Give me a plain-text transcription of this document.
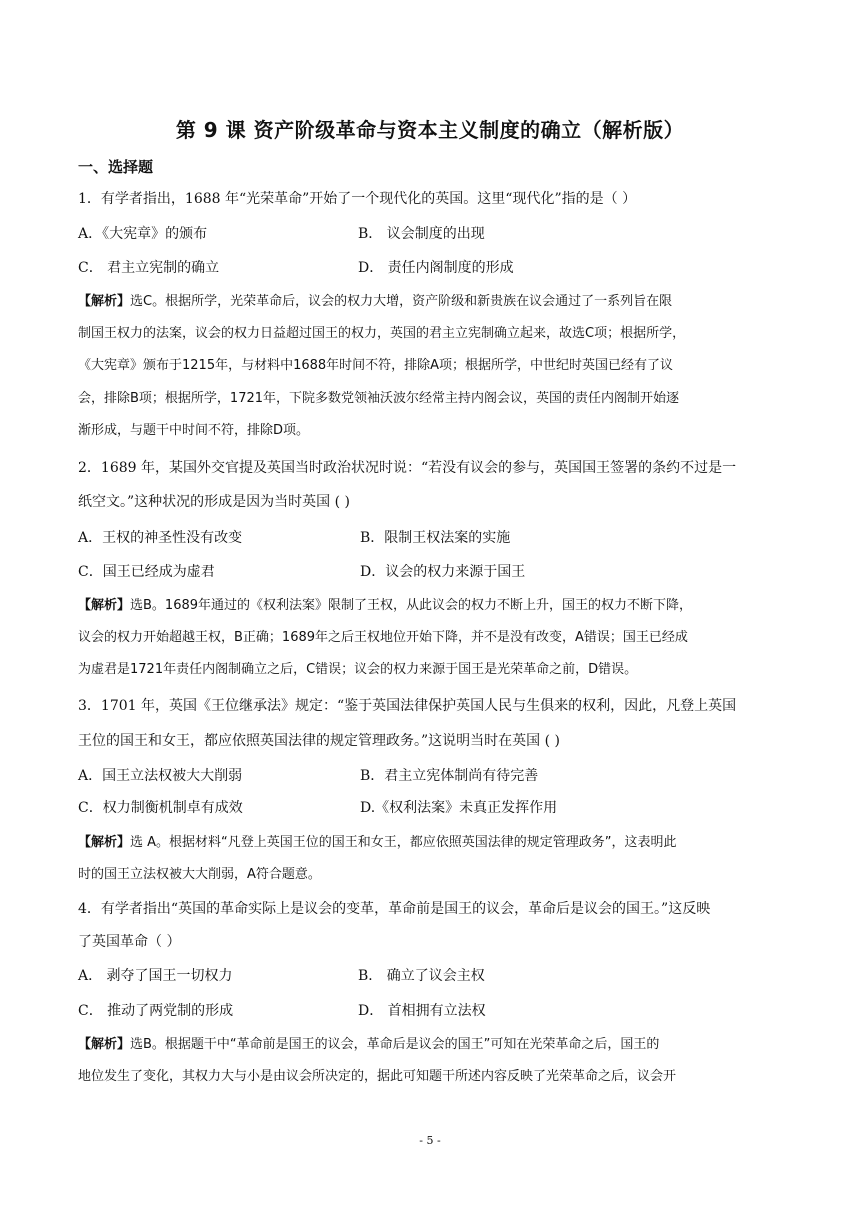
第 9 课 资产阶级革命与资本主义制度的确立（解析版）
一、选择题
1．有学者指出，1688 年“光荣革命”开始了一个现代化的英国。这里“现代化”指的是（ ）
A．《大宪章》的颁布	B． 议会制度的出现
C． 君主立宪制的确立	D． 责任内阁制度的形成
【解析】选C。根据所学，光荣革命后，议会的权力大增，资产阶级和新贵族在议会通过了一系列旨在限
制国王权力的法案，议会的权力日益超过国王的权力，英国的君主立宪制确立起来，故选C项；根据所学，
《大宪章》颁布于1215年，与材料中1688年时间不符，排除A项；根据所学，中世纪时英国已经有了议
会，排除B项；根据所学，1721年，下院多数党领袖沃波尔经常主持内阁会议，英国的责任内阁制开始逐
渐形成，与题干中时间不符，排除D项。
2．1689 年，某国外交官提及英国当时政治状况时说：“若没有议会的参与，英国国王签署的条约不过是一
纸空文。”这种状况的形成是因为当时英国 ( )
A．王权的神圣性没有改变	B．限制王权法案的实施
C．国王已经成为虚君	D．议会的权力来源于国王
【解析】选B。1689年通过的《权利法案》限制了王权，从此议会的权力不断上升，国王的权力不断下降，
议会的权力开始超越王权，B正确；1689年之后王权地位开始下降，并不是没有改变，A错误；国王已经成
为虚君是1721年责任内阁制确立之后，C错误；议会的权力来源于国王是光荣革命之前，D错误。
3．1701 年，英国《王位继承法》规定：“鉴于英国法律保护英国人民与生俱来的权利，因此，凡登上英国
王位的国王和女王，都应依照英国法律的规定管理政务。”这说明当时在英国 ( )
A．国王立法权被大大削弱	B．君主立宪体制尚有待完善
C．权力制衡机制卓有成效	D.《权利法案》未真正发挥作用
【解析】选 A。根据材料“凡登上英国王位的国王和女王，都应依照英国法律的规定管理政务”，这表明此
时的国王立法权被大大削弱，A符合题意。
4．有学者指出“英国的革命实际上是议会的变革，革命前是国王的议会，革命后是议会的国王。”这反映
了英国革命（ ）
A． 剥夺了国王一切权力	B． 确立了议会主权
C． 推动了两党制的形成	D． 首相拥有立法权
【解析】选B。根据题干中“革命前是国王的议会，革命后是议会的国王”可知在光荣革命之后，国王的
地位发生了变化，其权力大与小是由议会所决定的，据此可知题干所述内容反映了光荣革命之后，议会开
- 5 -
